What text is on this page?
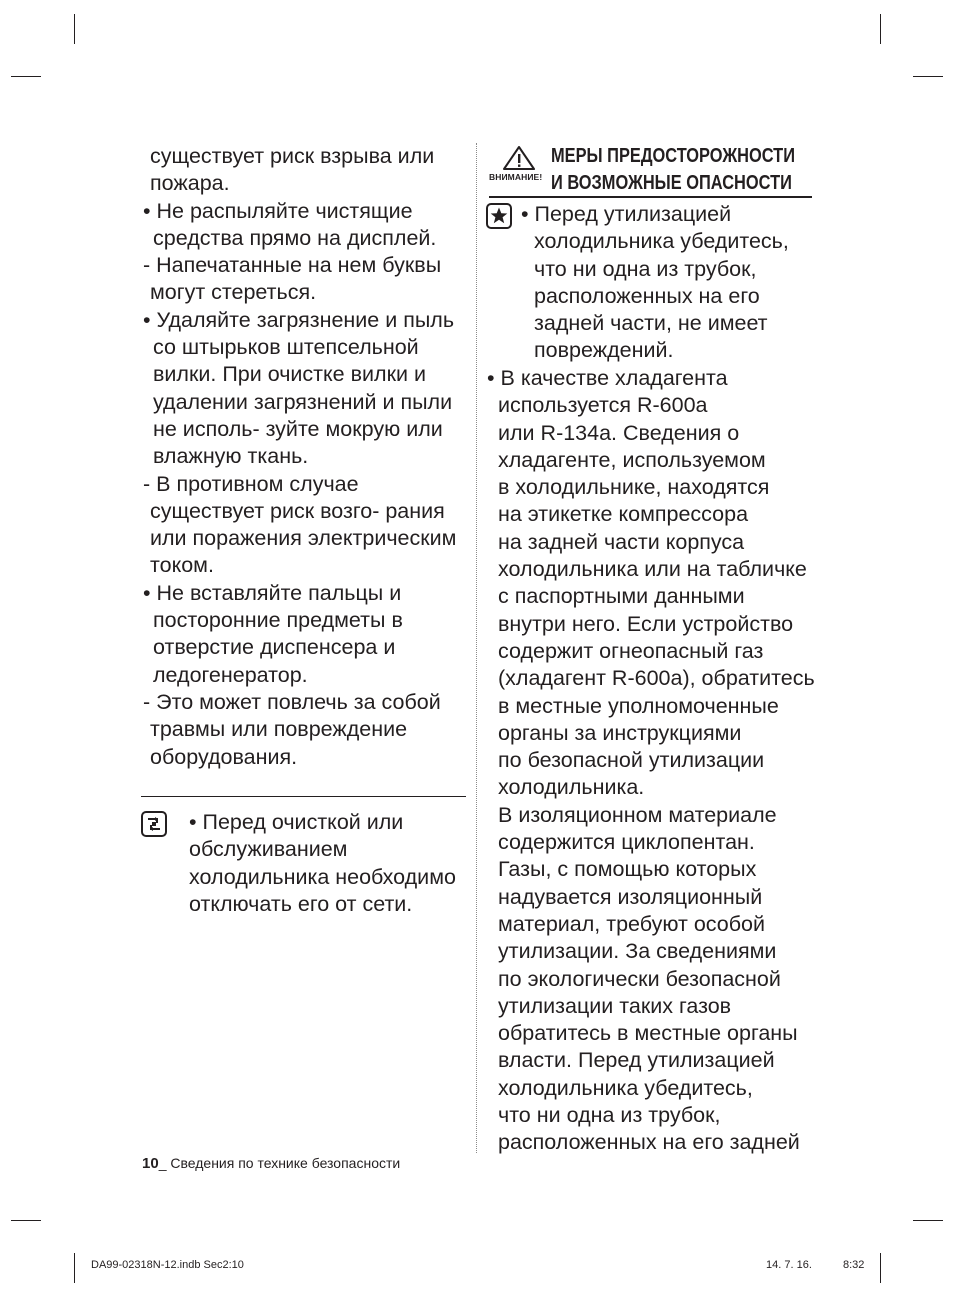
существует риск взрыва или

пожара.

• Не распыляйте чистящие

средства прямо на дисплей.

- Напечатанные на нем буквы

могут стереться.

• Удаляйте загрязнение и пыль

со штырьков штепсельной

вилки. При очистке вилки и

удалении загрязнений и пыли

не исполь- зуйте мокрую или

влажную ткань.

- В противном случае

существует риск возго- рания

или поражения электрическим

током.

• Не вставляйте пальцы и

посторонние предметы в

отверстие диспенсера и

ледогенератор.

- Это может повлечь за собой

травмы или повреждение

оборудования.

• Перед очисткой или

обслуживанием

холодильника необходимо

отключать его от сети.

ВНИМАНИЕ!

МЕРЫ ПРЕДОСТОРОЖНОСТИ

И ВОЗМОЖНЫЕ ОПАСНОСТИ

• Перед утилизацией

холодильника убедитесь,

что ни одна из трубок,

расположенных на его

задней части, не имеет

повреждений.

• В качестве хладагента

используется R-600a

или R-134a. Сведения о

хладагенте, используемом

в холодильнике, находятся

на этикетке компрессора

на задней части корпуса

холодильника или на табличке

с паспортными данными

внутри него. Если устройство

содержит огнеопасный газ

(хладагент R-600a), обратитесь

в местные уполномоченные

органы за инструкциями

по безопасной утилизации

холодильника.

В изоляционном материале

содержится циклопентан.

Газы, с помощью которых

надувается изоляционный

материал, требуют особой

утилизации. За сведениями

по экологически безопасной

утилизации таких газов

обратитесь в местные органы

власти. Перед утилизацией

холодильника убедитесь,

что ни одна из трубок,

расположенных на его задней

10_ Сведения по технике безопасности
DA99-02318N-12.indb Sec2:10	14. 7. 16.	8:32
